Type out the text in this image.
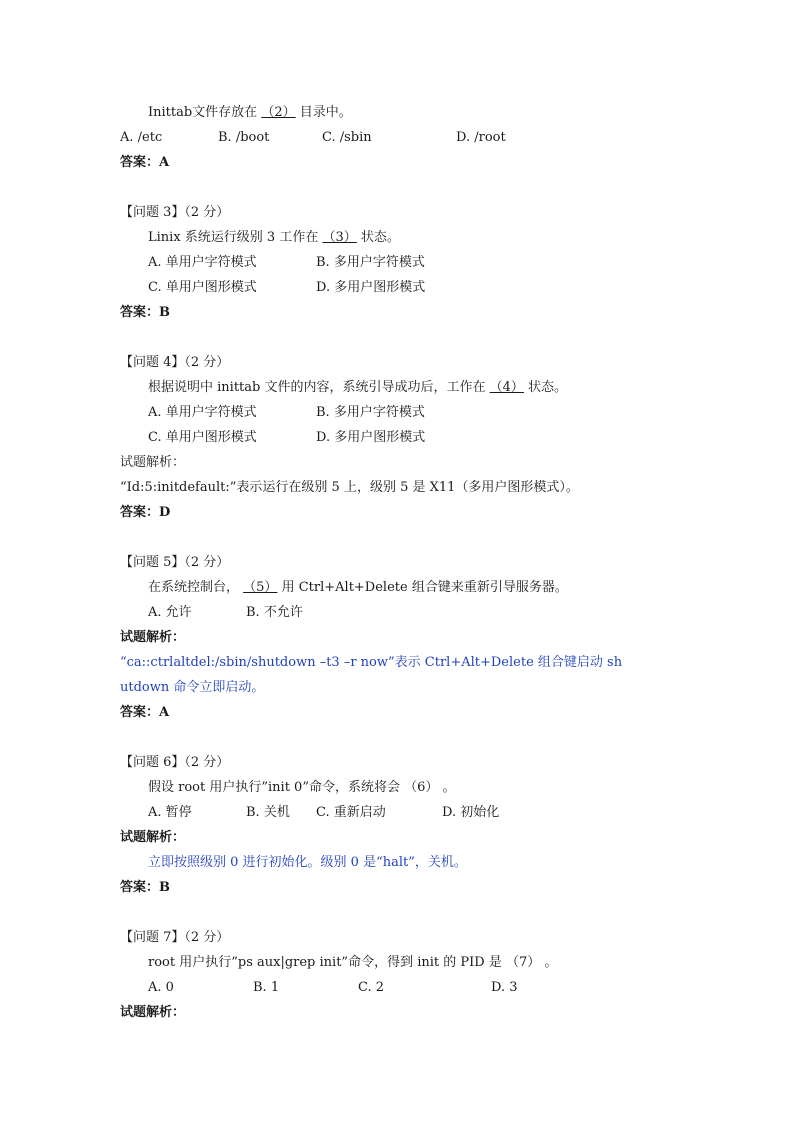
Inittab文件存放在 （2） 目录中。
A. /etc	B. /boot	C. /sbin	D. /root
答案：A
【问题 3】（2 分）
Linix 系统运行级别 3 工作在 （3） 状态。
A. 单用户字符模式	B. 多用户字符模式
C. 单用户图形模式	D. 多用户图形模式
答案：B
【问题 4】（2 分）
根据说明中 inittab 文件的内容，系统引导成功后，工作在 （4） 状态。
A. 单用户字符模式	B. 多用户字符模式
C. 单用户图形模式	D. 多用户图形模式
试题解析：
“Id:5:initdefault:”表示运行在级别 5 上，级别 5 是 X11（多用户图形模式）。
答案：D
【问题 5】（2 分）
在系统控制台， （5） 用 Ctrl+Alt+Delete 组合键来重新引导服务器。
A. 允许	B. 不允许
试题解析：
“ca::ctrlaltdel:/sbin/shutdown –t3 –r now”表示 Ctrl+Alt+Delete 组合键启动 sh
utdown 命令立即启动。
答案：A
【问题 6】（2 分）
假设 root 用户执行”init 0”命令，系统将会 （6） 。
A. 暂停	B. 关机 C. 重新启动	D. 初始化
试题解析：
立即按照级别 0 进行初始化。级别 0 是“halt”，关机。
答案：B
【问题 7】（2 分）
root 用户执行”ps aux|grep init”命令，得到 init 的 PID 是 （7） 。
A. 0	B. 1	C. 2	D. 3
试题解析：
